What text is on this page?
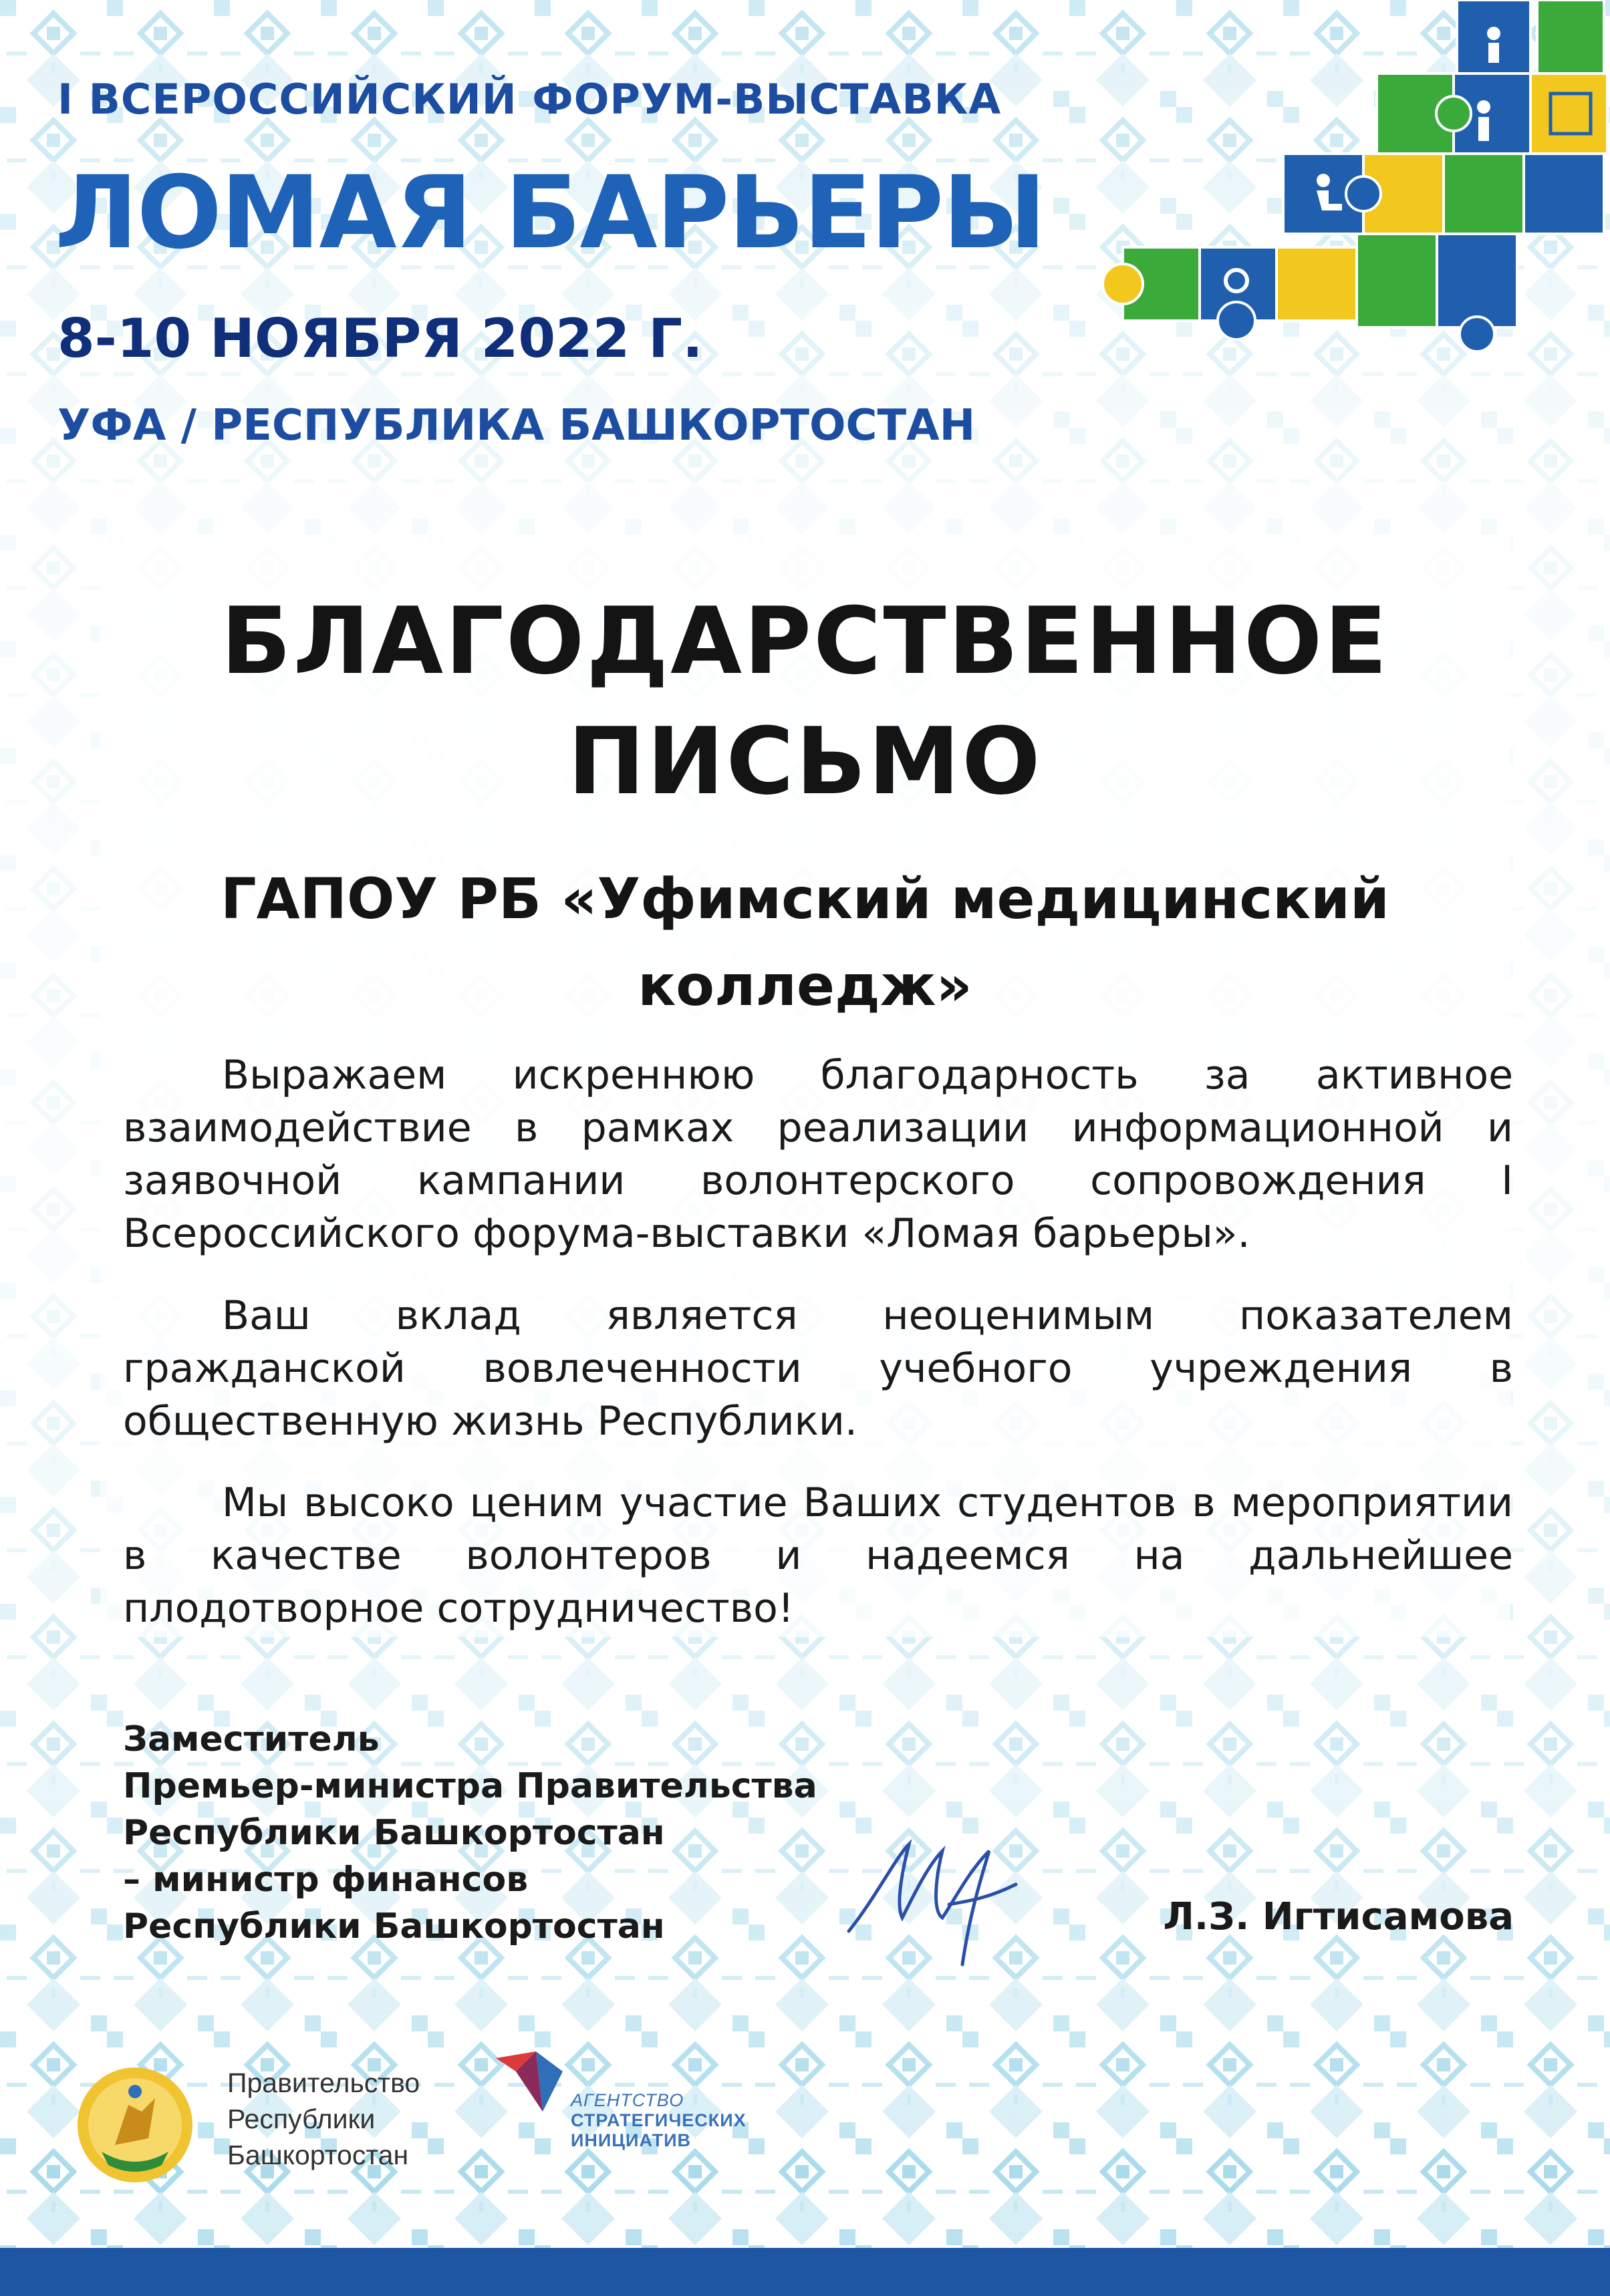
I ВСЕРОССИЙСКИЙ ФОРУМ-ВЫСТАВКА
ЛОМАЯ БАРЬЕРЫ
8-10 НОЯБРЯ 2022 Г.
УФА / РЕСПУБЛИКА БАШКОРТОСТАН
БЛАГОДАРСТВЕННОЕ
ПИСЬМО
ГАПОУ РБ «Уфимский медицинский
колледж»
Выражаем искреннюю благодарность за активное взаимодействие в рамках реализации информационной и заявочной кампании волонтерского сопровождения I Всероссийского форума-выставки «Ломая барьеры».
Ваш вклад является неоценимым показателем гражданской вовлеченности учебного учреждения в общественную жизнь Республики.
Мы высоко ценим участие Ваших студентов в мероприятии в качестве волонтеров и надеемся на дальнейшее плодотворное сотрудничество!
Заместитель
Премьер-министра Правительства
Республики Башкортостан
– министр финансов
Республики Башкортостан	Л.З. Игтисамова
Правительство
Республики
Башкортостан
АГЕНТСТВО
СТРАТЕГИЧЕСКИХ
ИНИЦИАТИВ
